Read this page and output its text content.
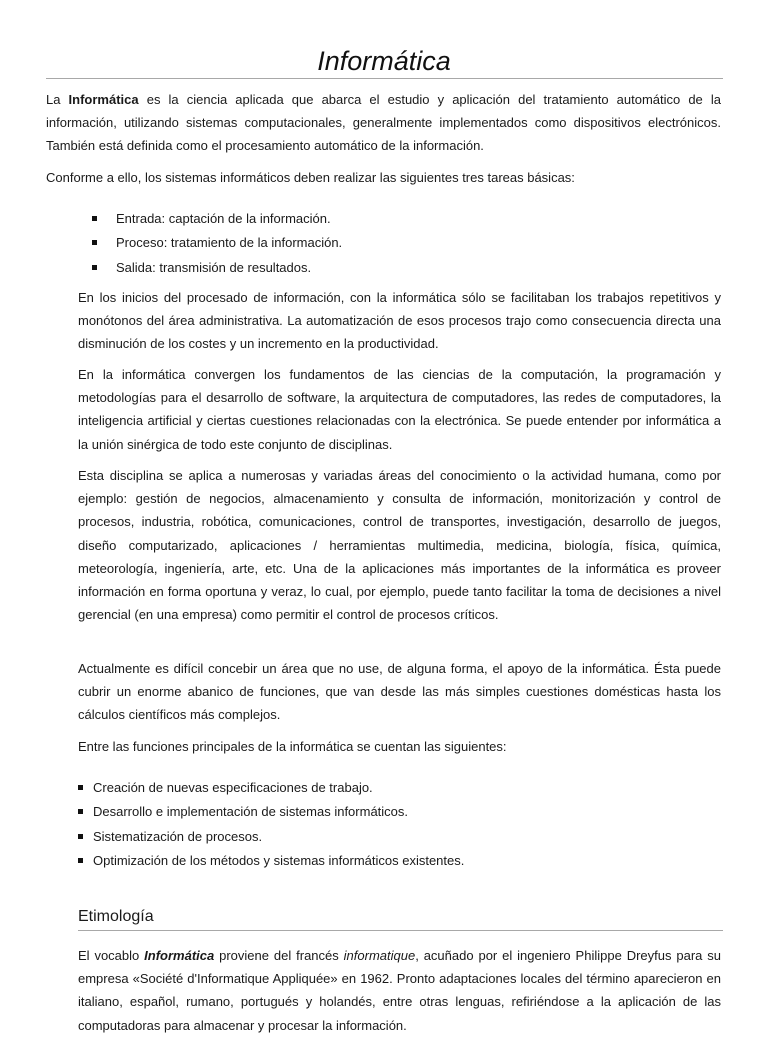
Informática

La Informática es la ciencia aplicada que abarca el estudio y aplicación del tratamiento automático de la información, utilizando sistemas computacionales, generalmente implementados como dispositivos electrónicos. También está definida como el procesamiento automático de la información.

Conforme a ello, los sistemas informáticos deben realizar las siguientes tres tareas básicas:

Entrada: captación de la información.
Proceso: tratamiento de la información.
Salida: transmisión de resultados.

En los inicios del procesado de información, con la informática sólo se facilitaban los trabajos repetitivos y monótonos del área administrativa. La automatización de esos procesos trajo como consecuencia directa una disminución de los costes y un incremento en la productividad.

En la informática convergen los fundamentos de las ciencias de la computación, la programación y metodologías para el desarrollo de software, la arquitectura de computadores, las redes de computadores, la inteligencia artificial y ciertas cuestiones relacionadas con la electrónica. Se puede entender por informática a la unión sinérgica de todo este conjunto de disciplinas.

Esta disciplina se aplica a numerosas y variadas áreas del conocimiento o la actividad humana, como por ejemplo: gestión de negocios, almacenamiento y consulta de información, monitorización y control de procesos, industria, robótica, comunicaciones, control de transportes, investigación, desarrollo de juegos, diseño computarizado, aplicaciones / herramientas multimedia, medicina, biología, física, química, meteorología, ingeniería, arte, etc. Una de la aplicaciones más importantes de la informática es proveer información en forma oportuna y veraz, lo cual, por ejemplo, puede tanto facilitar la toma de decisiones a nivel gerencial (en una empresa) como permitir el control de procesos críticos.

Actualmente es difícil concebir un área que no use, de alguna forma, el apoyo de la informática. Ésta puede cubrir un enorme abanico de funciones, que van desde las más simples cuestiones domésticas hasta los cálculos científicos más complejos.

Entre las funciones principales de la informática se cuentan las siguientes:

Creación de nuevas especificaciones de trabajo.
Desarrollo e implementación de sistemas informáticos.
Sistematización de procesos.
Optimización de los métodos y sistemas informáticos existentes.
Etimología

El vocablo Informática proviene del francés informatique, acuñado por el ingeniero Philippe Dreyfus para su empresa «Société d'Informatique Appliquée» en 1962. Pronto adaptaciones locales del término aparecieron en italiano, español, rumano, portugués y holandés, entre otras lenguas, refiriéndose a la aplicación de las computadoras para almacenar y procesar la información.
